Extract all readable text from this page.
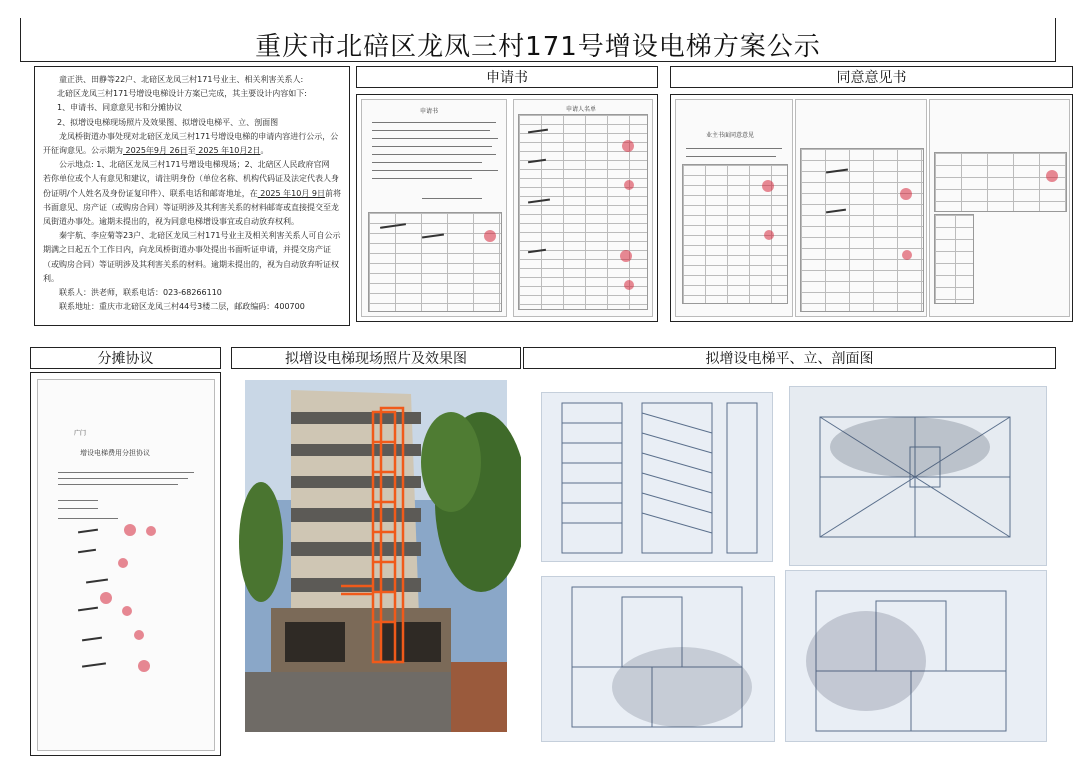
重庆市北碚区龙凤三村171号增设电梯方案公示

童正洪、田静等22户、北碚区龙凤三村171号业主、相关利害关系人:

北碚区龙凤三村171号增设电梯设计方案已完成，其主要设计内容如下:

1、申请书、同意意见书和分摊协议

2、拟增设电梯现场照片及效果图、拟增设电梯平、立、剖面图

龙凤桥街道办事处现对北碚区龙凤三村171号增设电梯的申请内容进行公示，公开征询意见。公示期为 2025年9月 26日至 2025 年10月2日。

公示地点: 1、北碚区龙凤三村171号增设电梯现场；2、北碚区人民政府官网

若你单位或个人有意见和建议，请注明身份（单位名称、机构代码证及法定代表人身份证明/个人姓名及身份证复印件）、联系电话和邮寄地址，在 2025 年10月 9日前将书面意见、房产证（或购房合同）等证明涉及其利害关系的材料邮寄或直接提交至龙凤街道办事处。逾期未提出的，视为同意电梯增设事宜或自动放弃权利。

秦宇航、李应菊等23户、北碚区龙凤三村171号业主及相关利害关系人可自公示期满之日起五个工作日内，向龙凤桥街道办事处提出书面听证申请，并提交房产证（或购房合同）等证明涉及其利害关系的材料。逾期未提出的，视为自动放弃听证权利。

联系人：洪老师，联系电话：023-68266110

联系地址：重庆市北碚区龙凤三村44号3楼二层，邮政编码：400700

申请书	同意意见书
分摊协议	拟增设电梯现场照片及效果图	拟增设电梯平、立、剖面图
申请书	申请人名单
业主书面同意意见
广门
增设电梯费用分担协议
